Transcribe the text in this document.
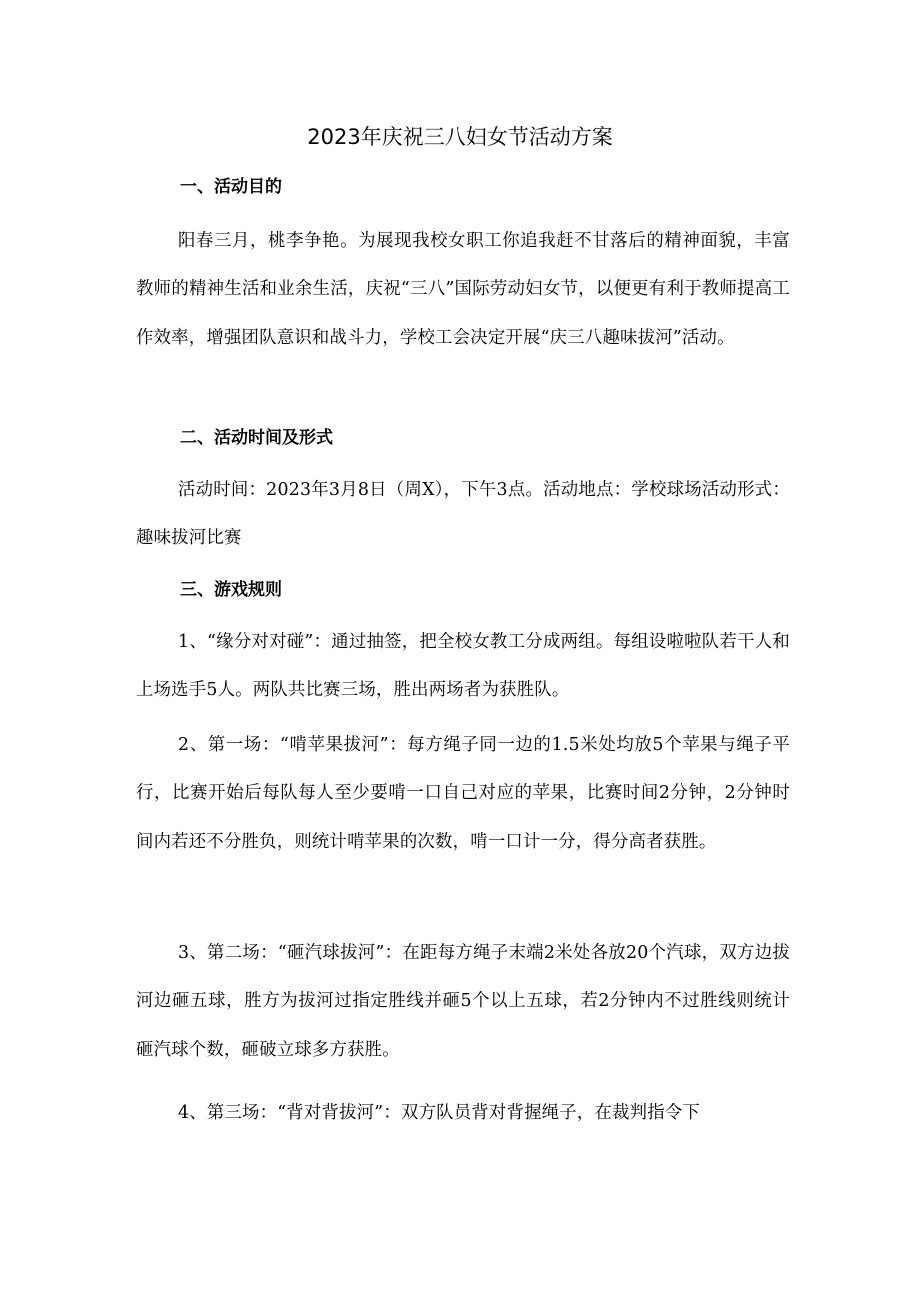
2023年庆祝三八妇女节活动方案
一、活动目的

阳春三月，桃李争艳。为展现我校女职工你追我赶不甘落后的精神面貌，丰富教师的精神生活和业余生活，庆祝“三八”国际劳动妇女节，以便更有利于教师提高工作效率，增强团队意识和战斗力，学校工会决定开展“庆三八趣味拔河”活动。

二、活动时间及形式

活动时间：2023年3月8日（周X），下午3点。活动地点：学校球场活动形式：趣味拔河比赛

三、游戏规则

1、“缘分对对碰”：通过抽签，把全校女教工分成两组。每组设啦啦队若干人和上场选手5人。两队共比赛三场，胜出两场者为获胜队。

2、第一场：“啃苹果拔河”：每方绳子同一边的1.5米处均放5个苹果与绳子平行，比赛开始后每队每人至少要啃一口自己对应的苹果，比赛时间2分钟，2分钟时间内若还不分胜负，则统计啃苹果的次数，啃一口计一分，得分高者获胜。

3、第二场：“砸汽球拔河”：在距每方绳子末端2米处各放20个汽球，双方边拔河边砸五球，胜方为拔河过指定胜线并砸5个以上五球，若2分钟内不过胜线则统计砸汽球个数，砸破立球多方获胜。

4、第三场：“背对背拔河”：双方队员背对背握绳子，在裁判指令下
